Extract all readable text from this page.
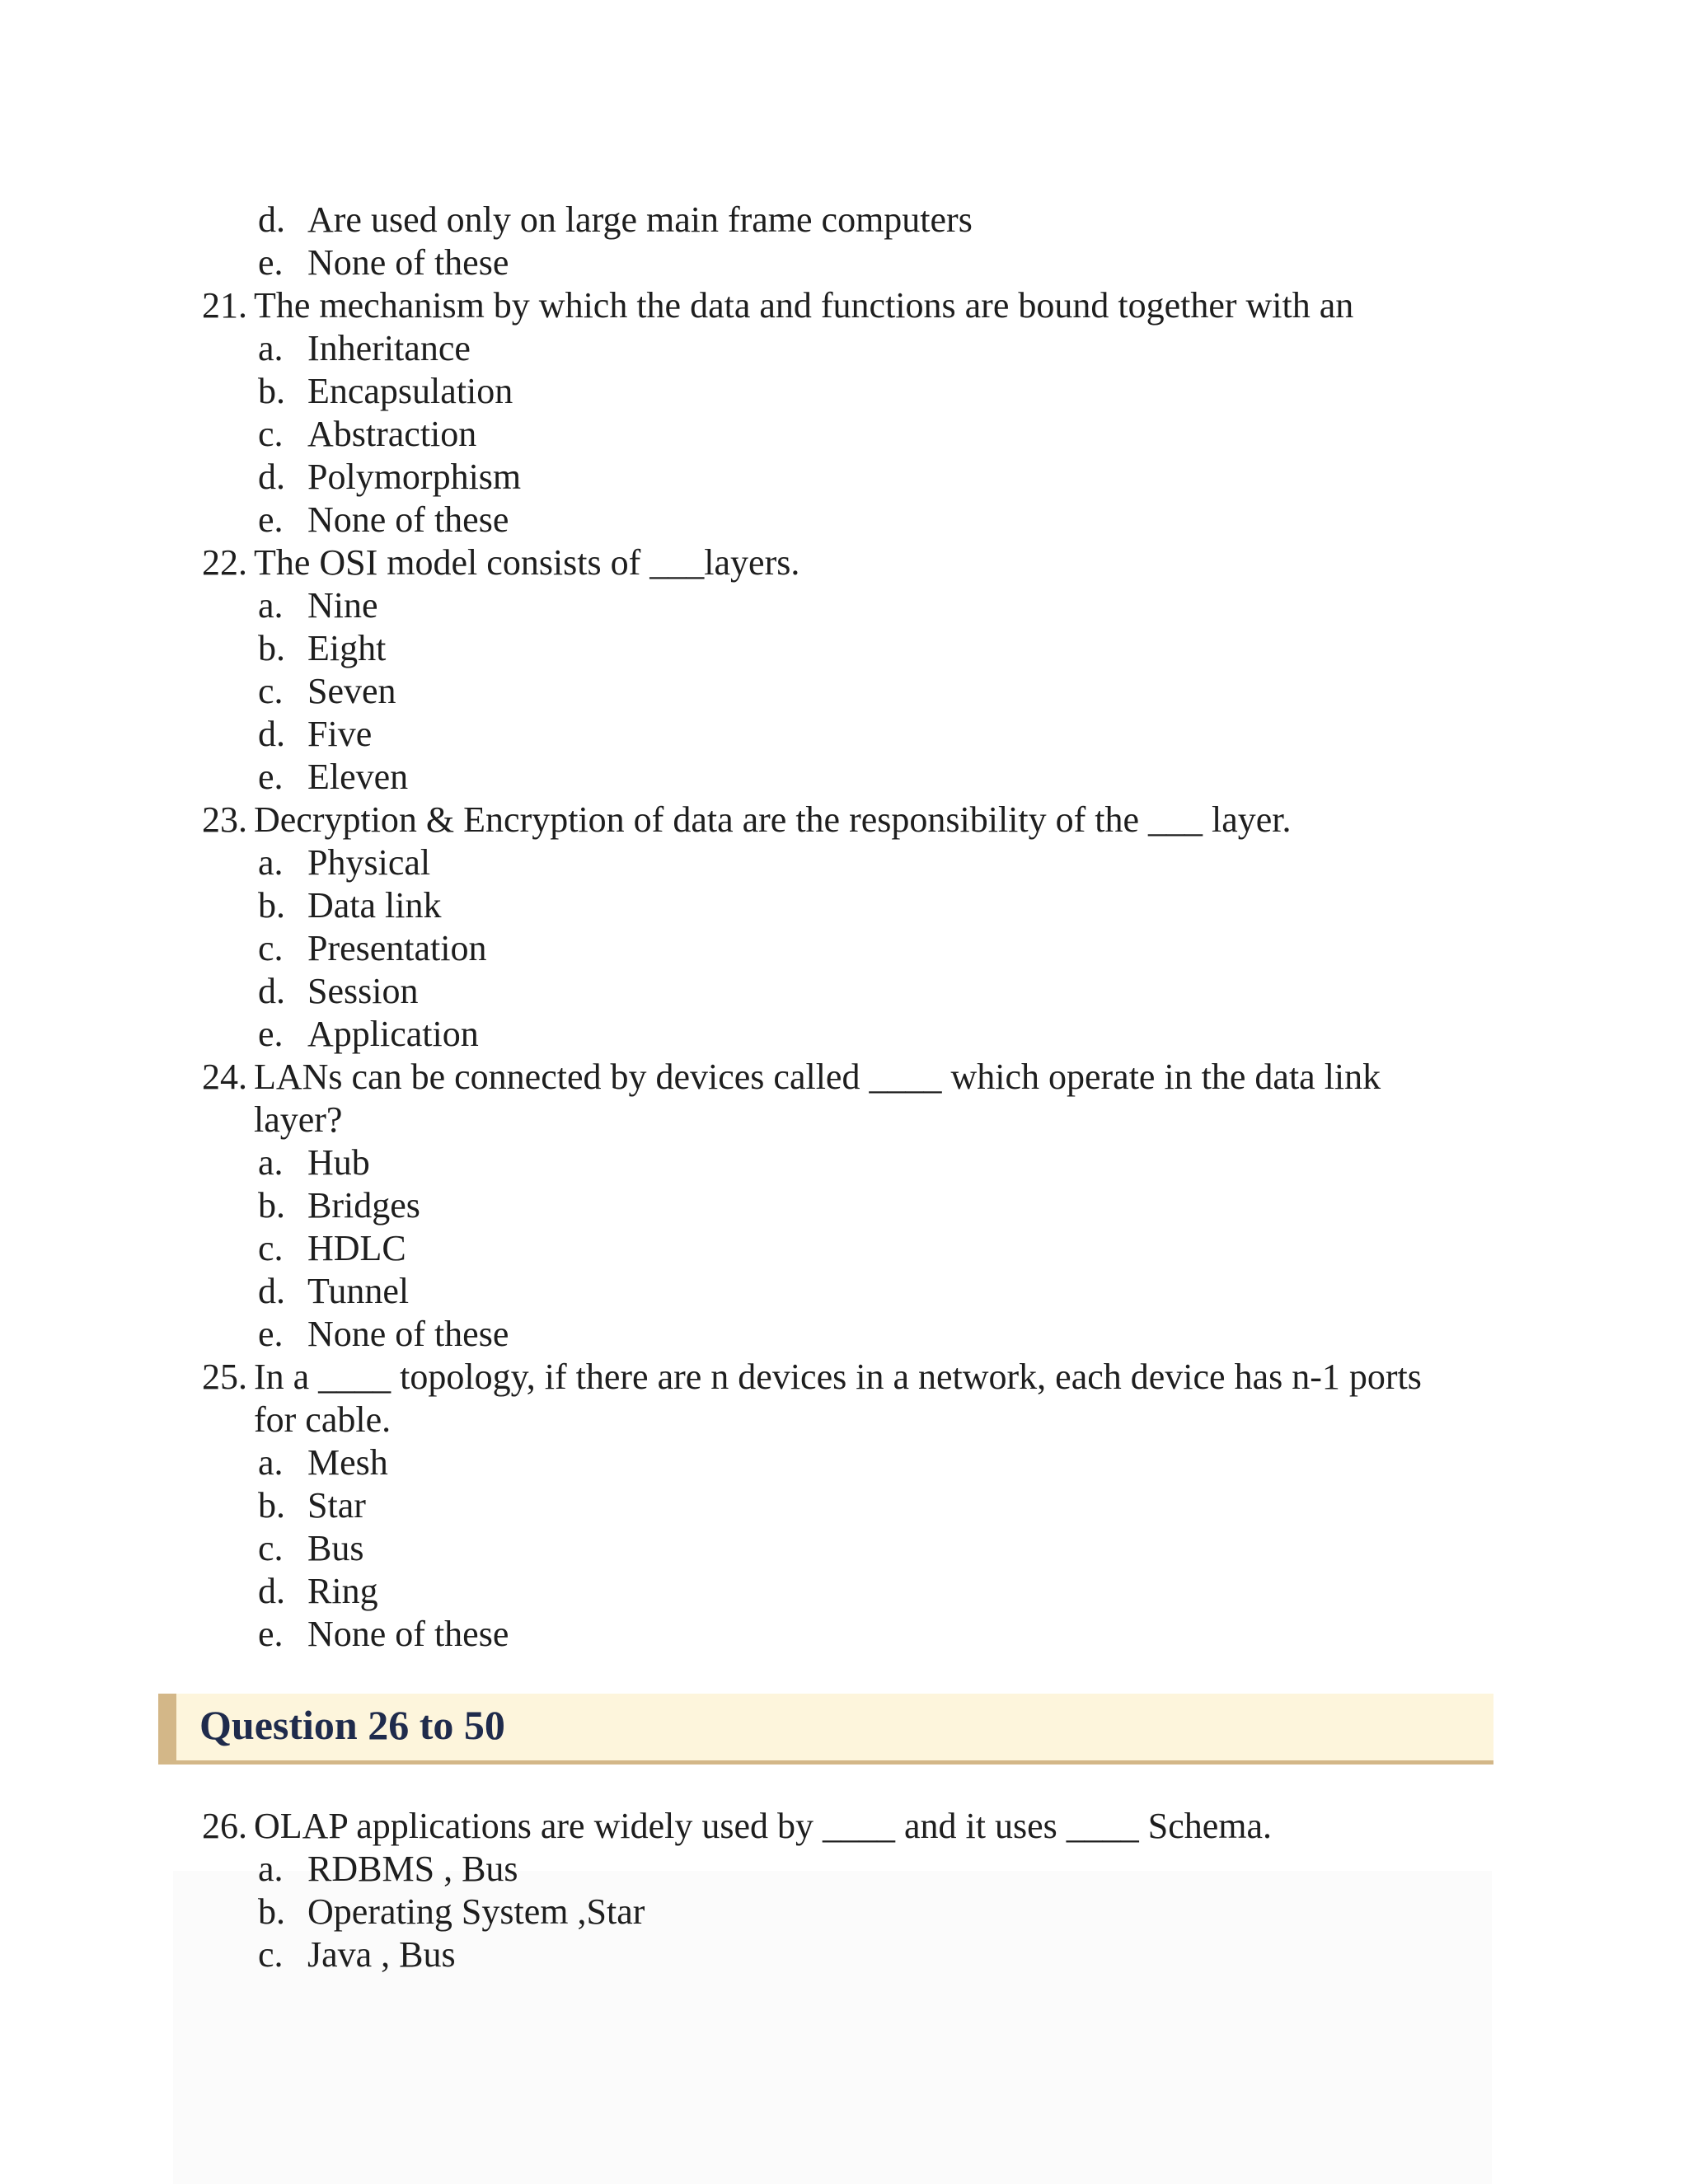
d. Are used only on large main frame computers
e. None of these
21. The mechanism by which the data and functions are bound together with an
a. Inheritance
b. Encapsulation
c. Abstraction
d. Polymorphism
e. None of these
22. The OSI model consists of ___layers.
a. Nine
b. Eight
c. Seven
d. Five
e. Eleven
23. Decryption & Encryption of data are the responsibility of the ___ layer.
a. Physical
b. Data link
c. Presentation
d. Session
e. Application
24. LANs can be connected by devices called ____ which operate in the data link
layer?
a. Hub
b. Bridges
c. HDLC
d. Tunnel
e. None of these
25. In a ____ topology, if there are n devices in a network, each device has n-1 ports
for cable.
a. Mesh
b. Star
c. Bus
d. Ring
e. None of these
Question 26 to 50
26. OLAP applications are widely used by ____ and it uses ____ Schema.
a. RDBMS , Bus
b. Operating System ,Star
c. Java , Bus
